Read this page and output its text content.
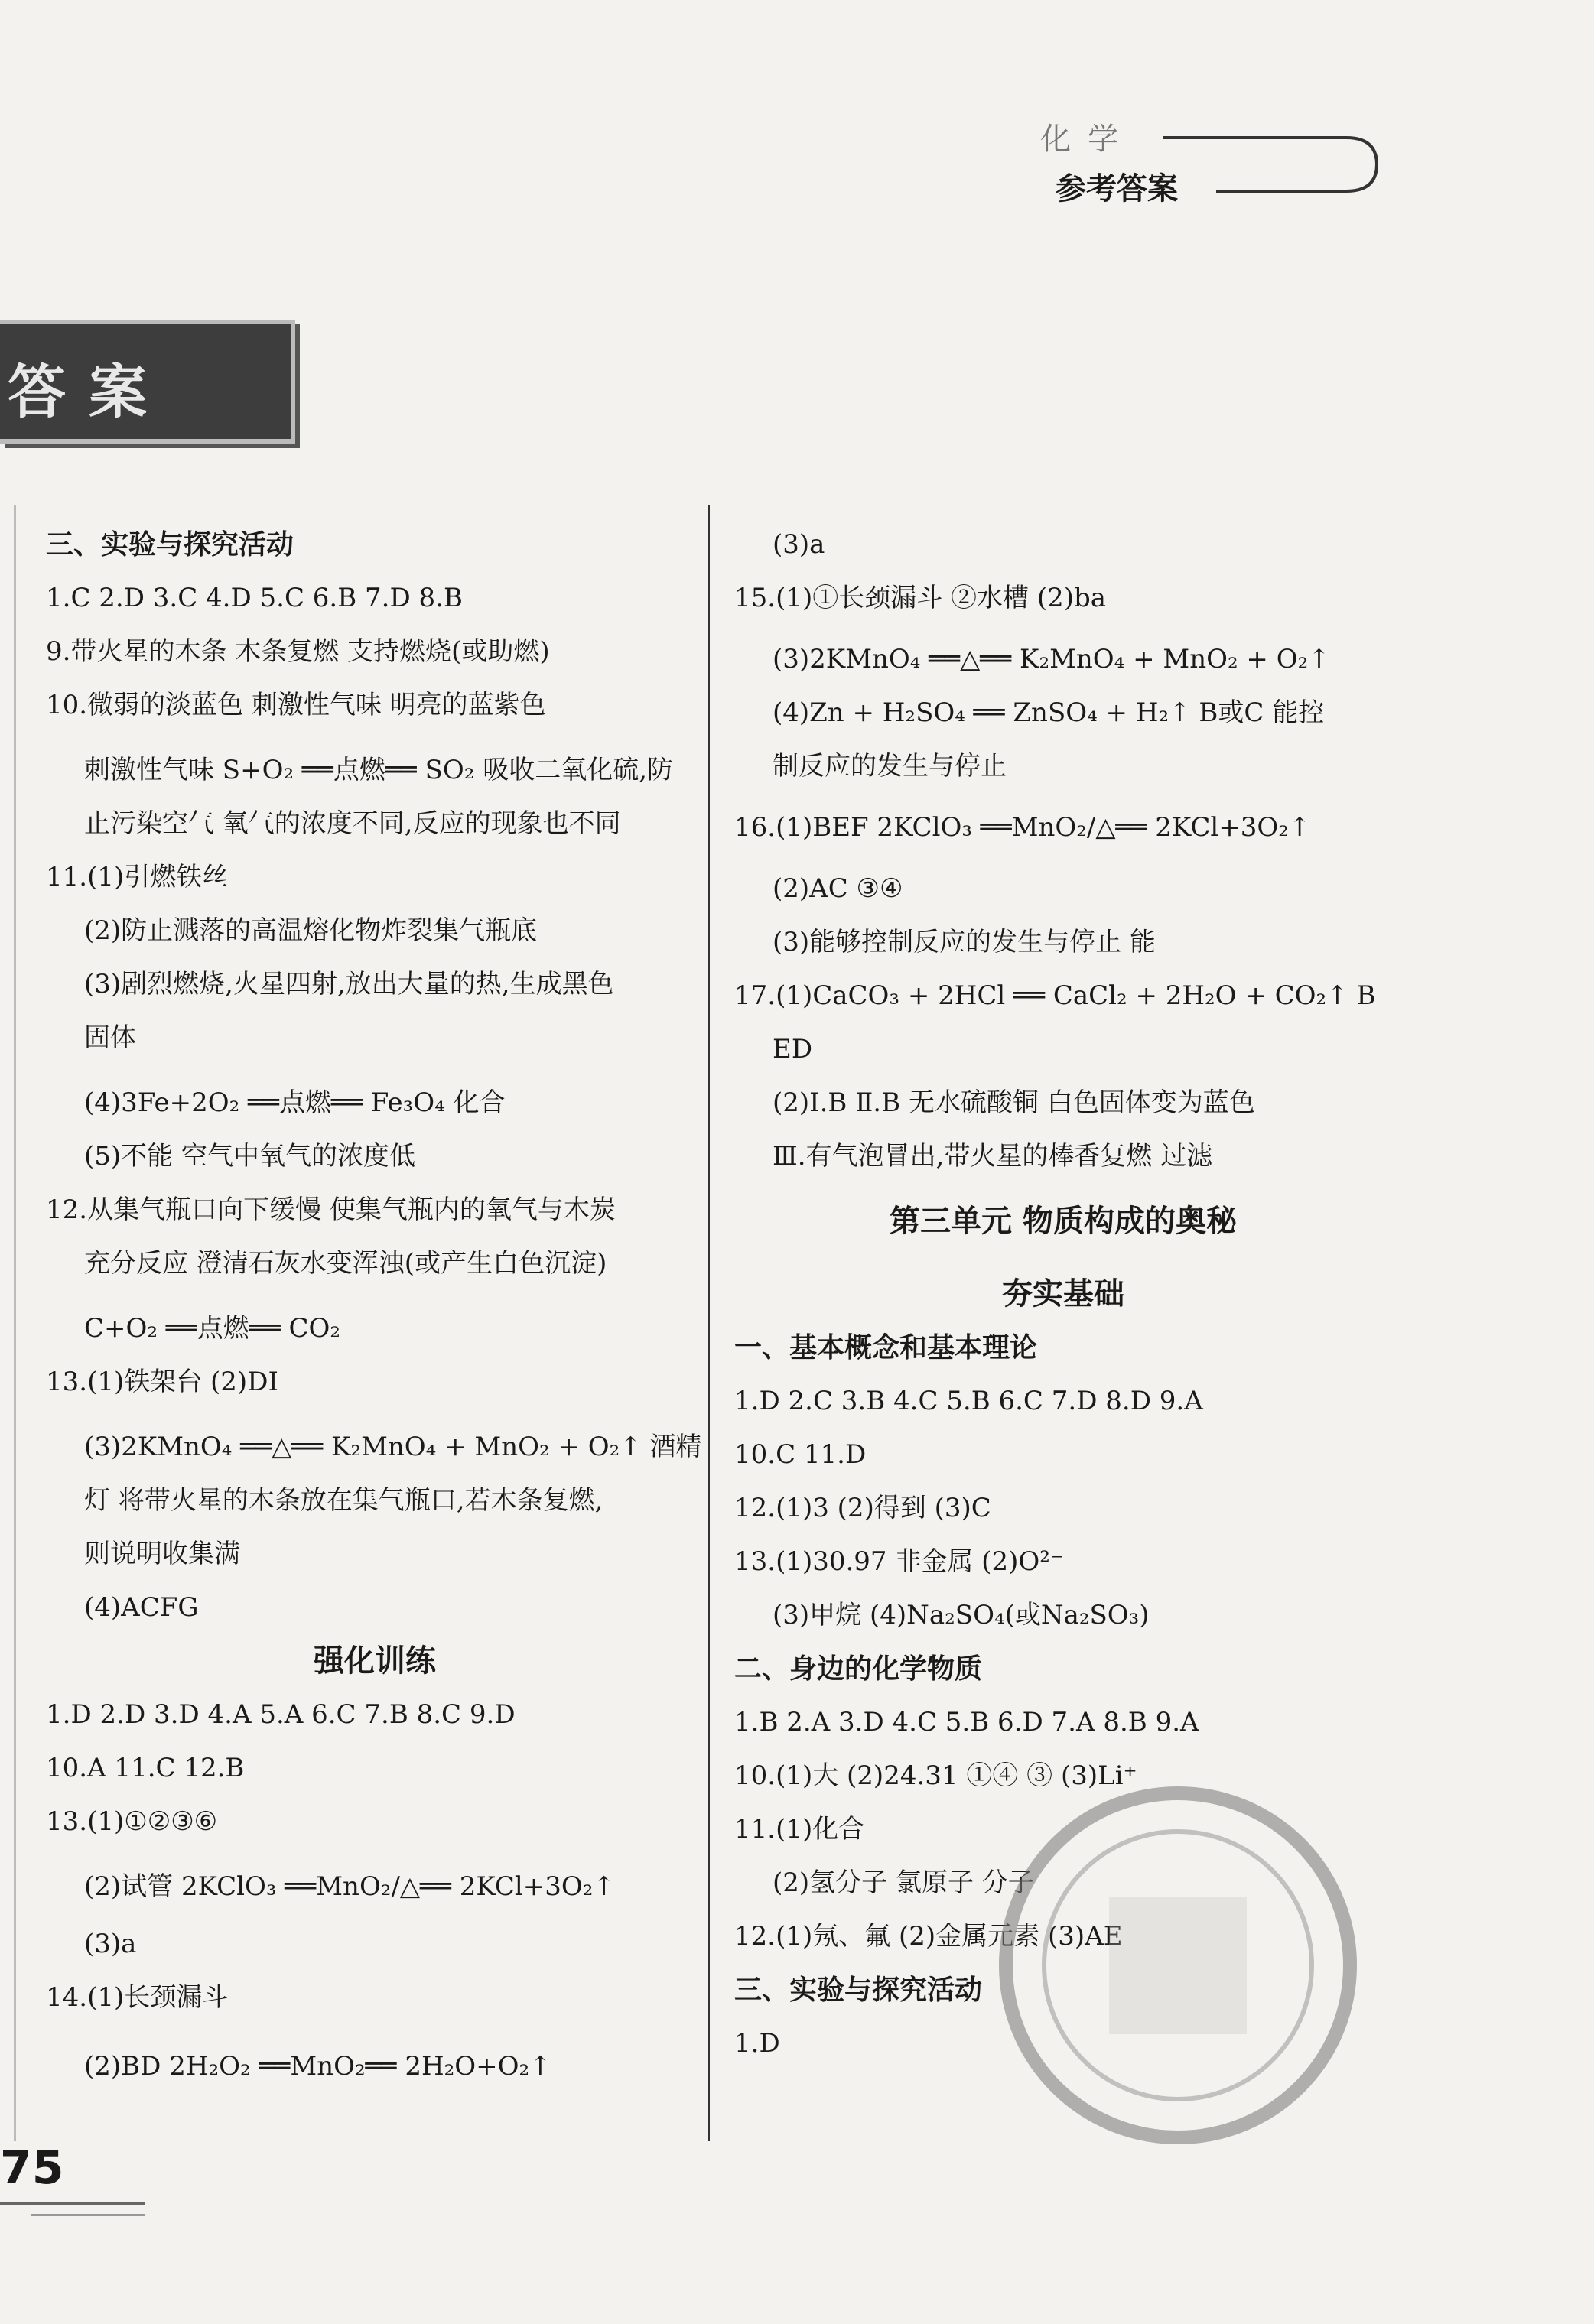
化学
参考答案
答案
三、实验与探究活动
1.C 2.D 3.C 4.D 5.C 6.B 7.D 8.B
9.带火星的木条 木条复燃 支持燃烧(或助燃)
10.微弱的淡蓝色 刺激性气味 明亮的蓝紫色
刺激性气味 S+O₂ ══点燃══ SO₂ 吸收二氧化硫,防
止污染空气 氧气的浓度不同,反应的现象也不同
11.(1)引燃铁丝
(2)防止溅落的高温熔化物炸裂集气瓶底
(3)剧烈燃烧,火星四射,放出大量的热,生成黑色
固体
(4)3Fe+2O₂ ══点燃══ Fe₃O₄ 化合
(5)不能 空气中氧气的浓度低
12.从集气瓶口向下缓慢 使集气瓶内的氧气与木炭
充分反应 澄清石灰水变浑浊(或产生白色沉淀)
C+O₂ ══点燃══ CO₂
13.(1)铁架台 (2)DI
(3)2KMnO₄ ══△══ K₂MnO₄ + MnO₂ + O₂↑ 酒精
灯 将带火星的木条放在集气瓶口,若木条复燃,
则说明收集满
(4)ACFG
强化训练
1.D 2.D 3.D 4.A 5.A 6.C 7.B 8.C 9.D
10.A 11.C 12.B
13.(1)①②③⑥
(2)试管 2KClO₃ ══MnO₂/△══ 2KCl+3O₂↑
(3)a
14.(1)长颈漏斗
(2)BD 2H₂O₂ ══MnO₂══ 2H₂O+O₂↑
(3)a
15.(1)①长颈漏斗 ②水槽 (2)ba
(3)2KMnO₄ ══△══ K₂MnO₄ + MnO₂ + O₂↑
(4)Zn + H₂SO₄ ══ ZnSO₄ + H₂↑ B或C 能控
制反应的发生与停止
16.(1)BEF 2KClO₃ ══MnO₂/△══ 2KCl+3O₂↑
(2)AC ③④
(3)能够控制反应的发生与停止 能
17.(1)CaCO₃ + 2HCl ══ CaCl₂ + 2H₂O + CO₂↑ B
ED
(2)Ⅰ.B Ⅱ.B 无水硫酸铜 白色固体变为蓝色
Ⅲ.有气泡冒出,带火星的棒香复燃 过滤
第三单元 物质构成的奥秘
夯实基础
一、基本概念和基本理论
1.D 2.C 3.B 4.C 5.B 6.C 7.D 8.D 9.A
10.C 11.D
12.(1)3 (2)得到 (3)C
13.(1)30.97 非金属 (2)O²⁻
(3)甲烷 (4)Na₂SO₄(或Na₂SO₃)
二、身边的化学物质
1.B 2.A 3.D 4.C 5.B 6.D 7.A 8.B 9.A
10.(1)大 (2)24.31 ①④ ③ (3)Li⁺
11.(1)化合
(2)氢分子 氯原子 分子
12.(1)氖、氟 (2)金属元素 (3)AE
三、实验与探究活动
1.D
75
